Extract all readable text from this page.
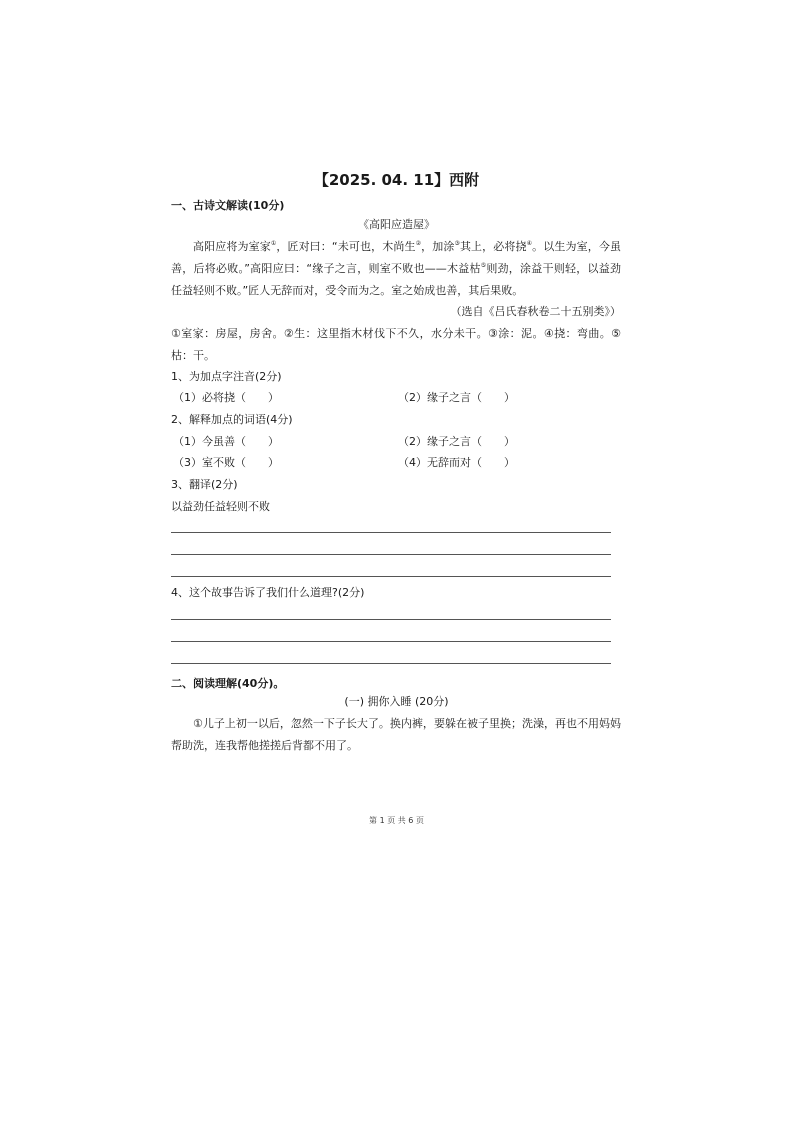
【2025. 04. 11】西附
一、古诗文解读(10分)
《高阳应造屋》
高阳应将为室家①，匠对曰：“未可也，木尚生②，加涂③其上，必将挠④。以生为室，今虽善，后将必败。”高阳应曰：“缘子之言，则室不败也——木益枯⑤则劲，涂益干则轻，以益劲任益轻则不败。”匠人无辞而对，受令而为之。室之始成也善，其后果败。
（选自《吕氏春秋卷二十五别类》）
①室家：房屋，房舍。②生：这里指木材伐下不久，水分未干。③涂：泥。④挠：弯曲。⑤枯：干。
1、为加点字注音(2分)
（1）必将挠（　　）	（2）缘子之言（　　）
2、解释加点的词语(4分)
（1）今虽善（　　）	（2）缘子之言（　　）
（3）室不败（　　）	（4）无辞而对（　　）
3、翻译(2分)
以益劲任益轻则不败
4、这个故事告诉了我们什么道理?(2分)
二、阅读理解(40分)。
(一) 拥你入睡 (20分)
①儿子上初一以后，忽然一下子长大了。换内裤，要躲在被子里换；洗澡，再也不用妈妈帮助洗，连我帮他搓搓后背都不用了。
第 1 页 共 6 页
